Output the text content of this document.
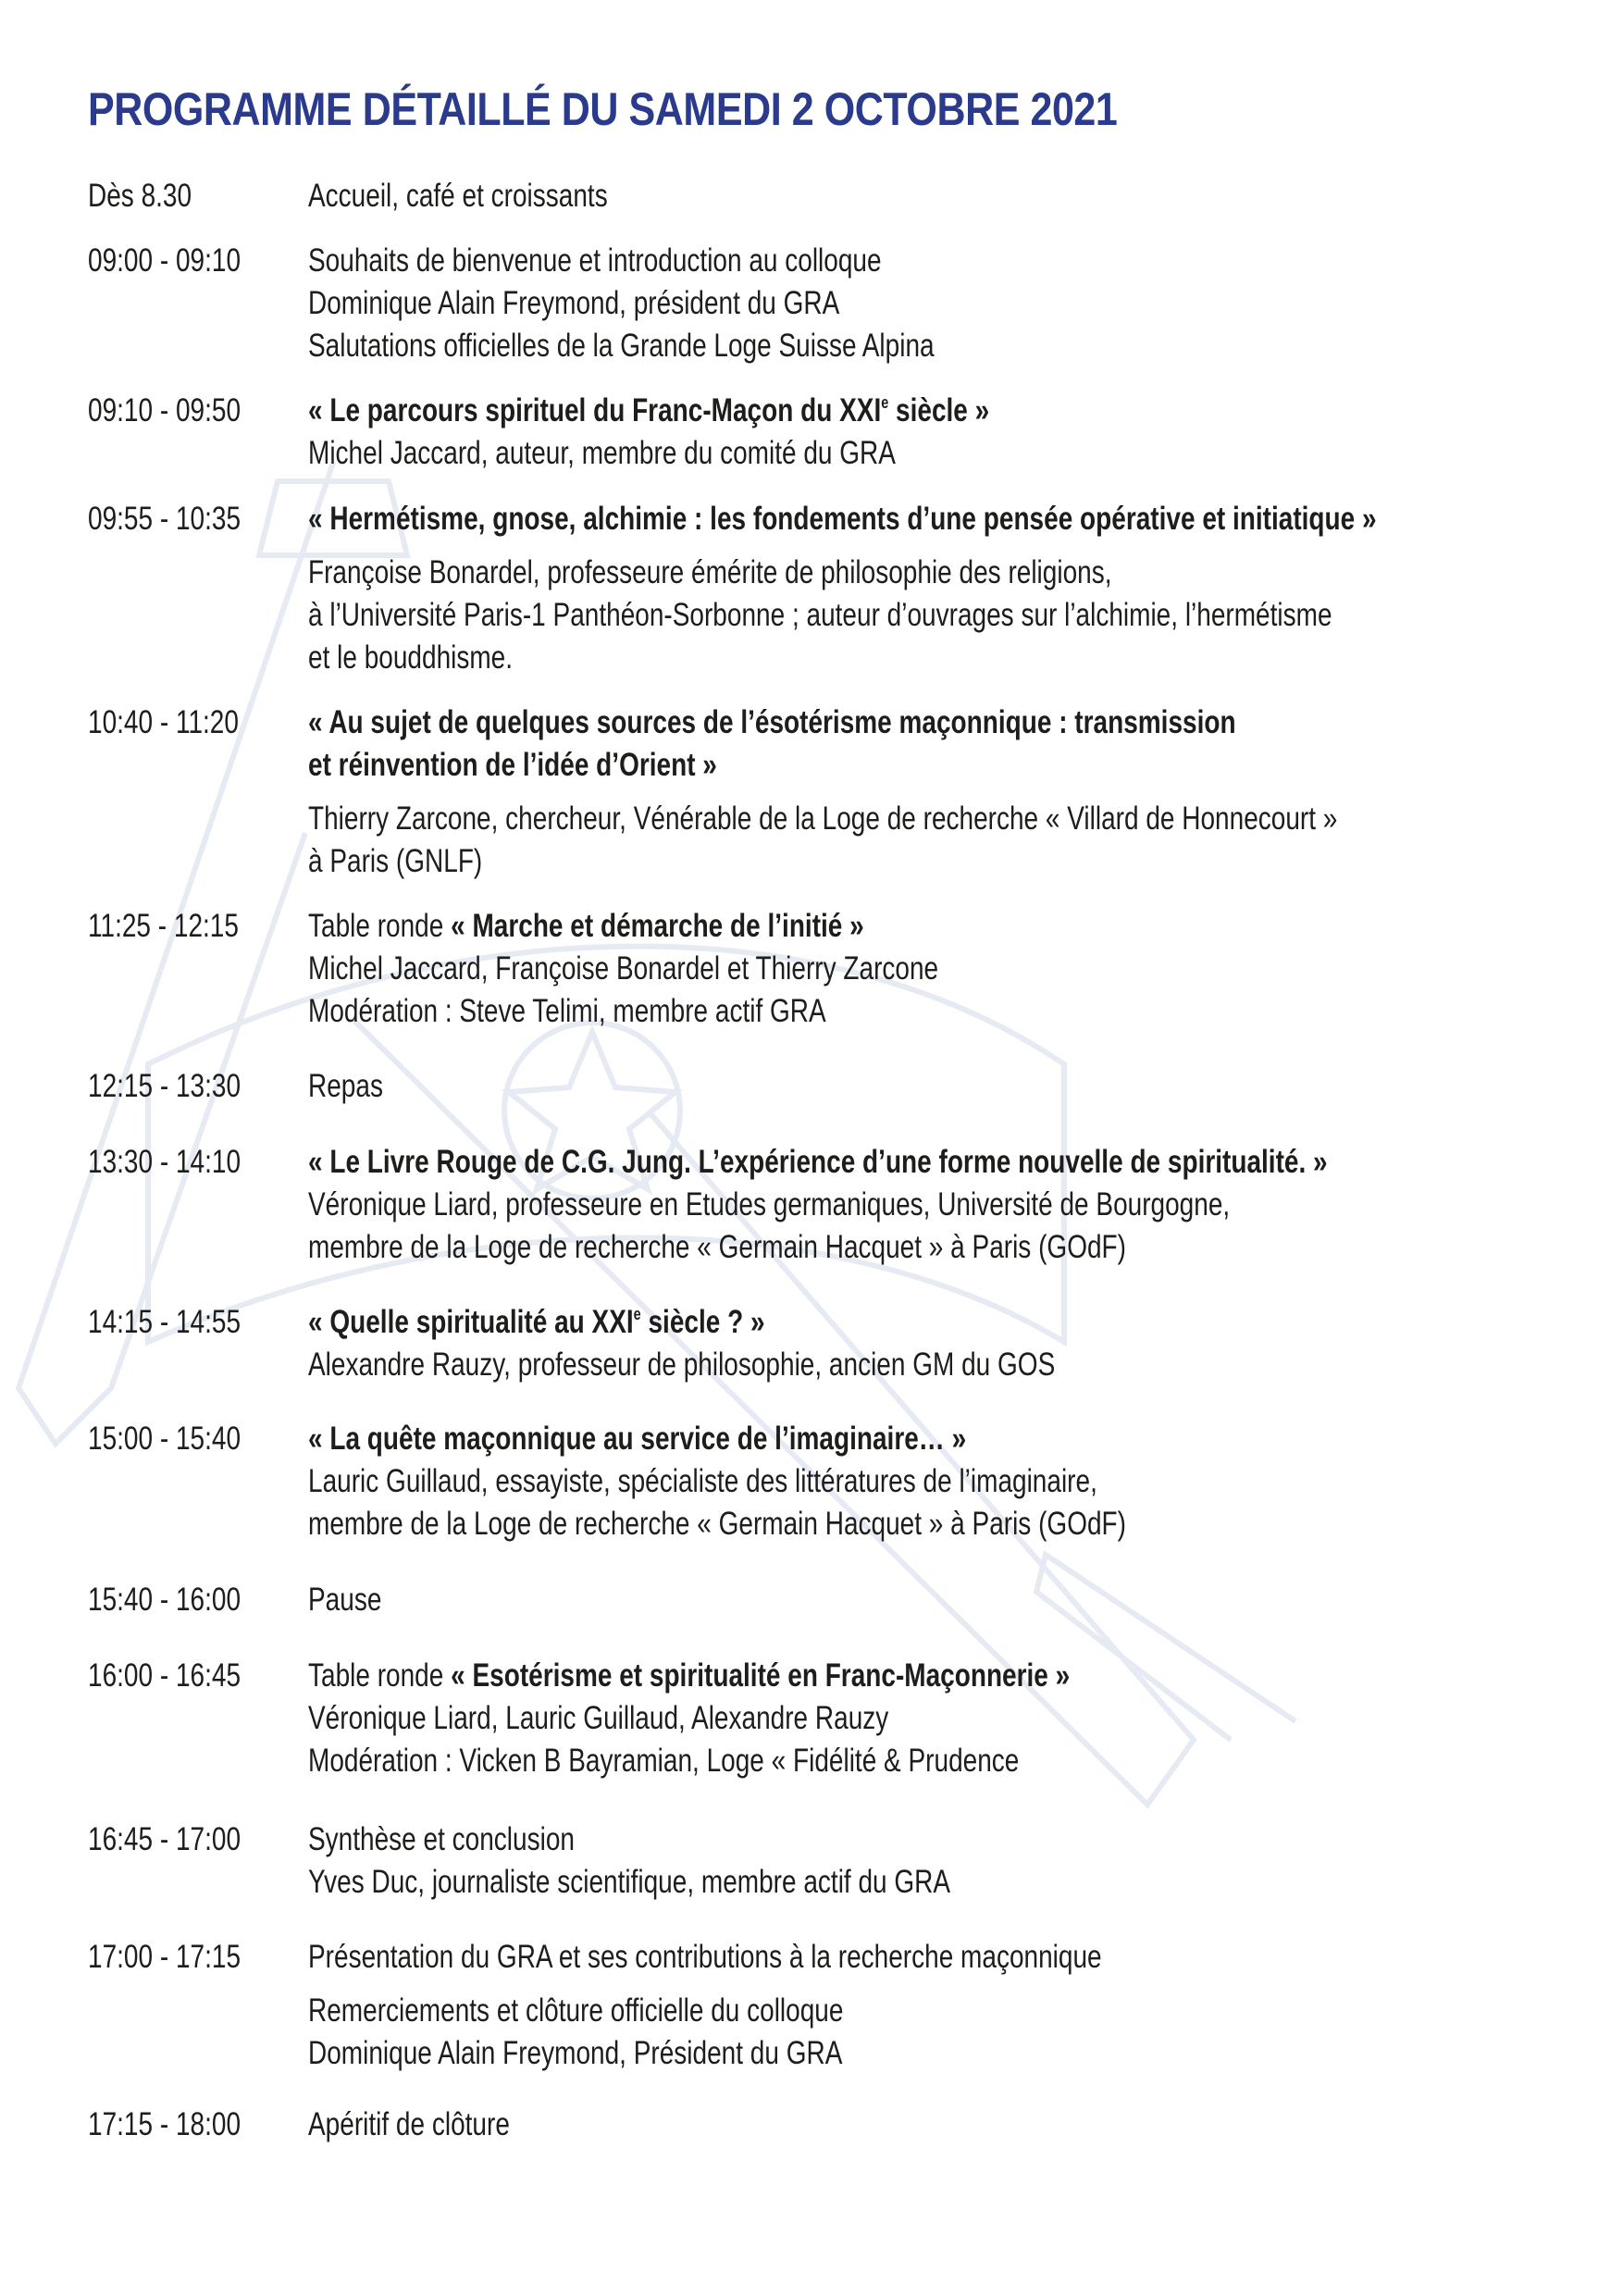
PROGRAMME DÉTAILLÉ DU SAMEDI 2 OCTOBRE 2021
Dès 8.30	Accueil, café et croissants
09:00 - 09:10 Souhaits de bienvenue et introduction au colloque
Dominique Alain Freymond, président du GRA
Salutations officielles de la Grande Loge Suisse Alpina
09:10 - 09:50 « Le parcours spirituel du Franc-Maçon du XXIe siècle »
Michel Jaccard, auteur, membre du comité du GRA
09:55 - 10:35 « Hermétisme, gnose, alchimie : les fondements d’une pensée opérative et initiatique »
Françoise Bonardel, professeure émérite de philosophie des religions,
à l’Université Paris-1 Panthéon-Sorbonne ; auteur d’ouvrages sur l’alchimie, l’hermétisme
et le bouddhisme.
10:40 - 11:20 « Au sujet de quelques sources de l’ésotérisme maçonnique : transmission
et réinvention de l’idée d’Orient »
Thierry Zarcone, chercheur, Vénérable de la Loge de recherche « Villard de Honnecourt »
à Paris (GNLF)
11:25 - 12:15 Table ronde « Marche et démarche de l’initié »
Michel Jaccard, Françoise Bonardel et Thierry Zarcone
Modération : Steve Telimi, membre actif GRA
12:15 - 13:30 Repas
13:30 - 14:10 « Le Livre Rouge de C.G. Jung. L’expérience d’une forme nouvelle de spiritualité. »
Véronique Liard, professeure en Etudes germaniques, Université de Bourgogne,
membre de la Loge de recherche « Germain Hacquet » à Paris (GOdF)
14:15 - 14:55 « Quelle spiritualité au XXIe siècle ? »
Alexandre Rauzy, professeur de philosophie, ancien GM du GOS
15:00 - 15:40 « La quête maçonnique au service de l’imaginaire… »
Lauric Guillaud, essayiste, spécialiste des littératures de l’imaginaire,
membre de la Loge de recherche « Germain Hacquet » à Paris (GOdF)
15:40 - 16:00 Pause
16:00 - 16:45 Table ronde « Esotérisme et spiritualité en Franc-Maçonnerie »
Véronique Liard, Lauric Guillaud, Alexandre Rauzy
Modération : Vicken B Bayramian, Loge « Fidélité & Prudence
16:45 - 17:00 Synthèse et conclusion
Yves Duc, journaliste scientifique, membre actif du GRA
17:00 - 17:15 Présentation du GRA et ses contributions à la recherche maçonnique
Remerciements et clôture officielle du colloque
Dominique Alain Freymond, Président du GRA
17:15 - 18:00 Apéritif de clôture
